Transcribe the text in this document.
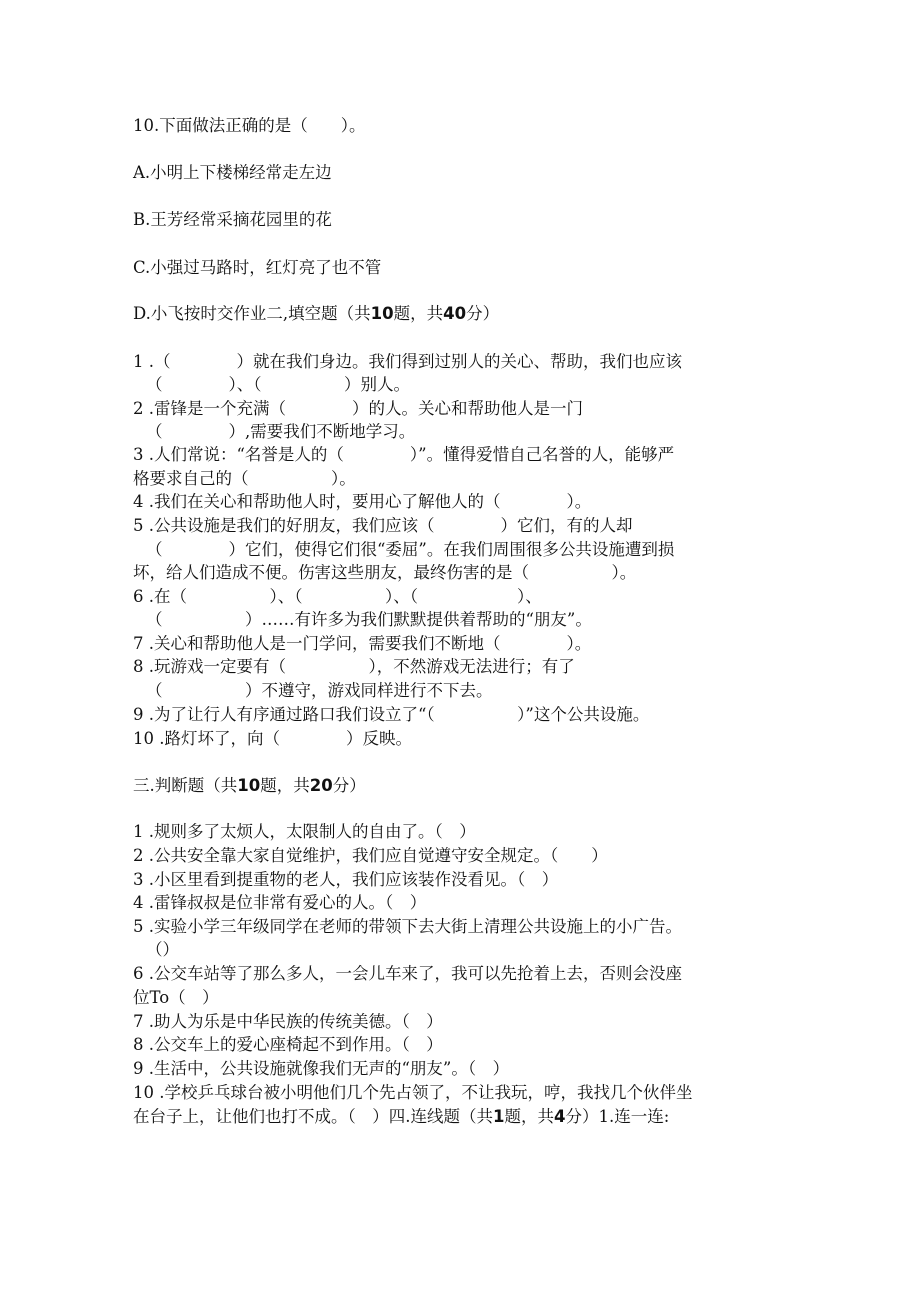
10.下面做法正确的是（　　）。
A.小明上下楼梯经常走左边
B.王芳经常采摘花园里的花
C.小强过马路时，红灯亮了也不管
D.小飞按时交作业二,填空题（共10题，共40分）
1 .（　　　　）就在我们身边。我们得到过别人的关心、帮助，我们也应该
（　　　　）、（　　　　　）别人。
2 .雷锋是一个充满（　　　　）的人。关心和帮助他人是一门
（　　　　）,需要我们不断地学习。
3 .人们常说：“名誉是人的（　　　　）”。懂得爱惜自己名誉的人，能够严
格要求自己的（　　　　　）。
4 .我们在关心和帮助他人时，要用心了解他人的（　　　　）。
5 .公共设施是我们的好朋友，我们应该（　　　　）它们，有的人却
（　　　　）它们，使得它们很“委屈”。在我们周围很多公共设施遭到损
坏，给人们造成不便。伤害这些朋友，最终伤害的是（　　　　　）。
6 .在（　　　　　）、（　　　　　）、（　　　　　　）、
（　　　　　）……有许多为我们默默提供着帮助的“朋友”。
7 .关心和帮助他人是一门学问，需要我们不断地（　　　　）。
8 .玩游戏一定要有（　　　　　），不然游戏无法进行；有了
（　　　　　）不遵守，游戏同样进行不下去。
9 .为了让行人有序通过路口我们设立了“（　　　　　）”这个公共设施。
10 .路灯坏了，向（　　　　）反映。
三.判断题（共10题，共20分）
1 .规则多了太烦人，太限制人的自由了。（　）
2 .公共安全靠大家自觉维护，我们应自觉遵守安全规定。（　　）
3 .小区里看到提重物的老人，我们应该装作没看见。（　）
4 .雷锋叔叔是位非常有爱心的人。（　）
5 .实验小学三年级同学在老师的带领下去大街上清理公共设施上的小广告。
（）
6 .公交车站等了那么多人，一会儿车来了，我可以先抢着上去，否则会没座
位To（　）
7 .助人为乐是中华民族的传统美德。（　）
8 .公交车上的爱心座椅起不到作用。（　）
9 .生活中，公共设施就像我们无声的“朋友”。（　）
10 .学校乒乓球台被小明他们几个先占领了，不让我玩，哼，我找几个伙伴坐
在台子上，让他们也打不成。（　）四.连线题（共1题，共4分）1.连一连:
